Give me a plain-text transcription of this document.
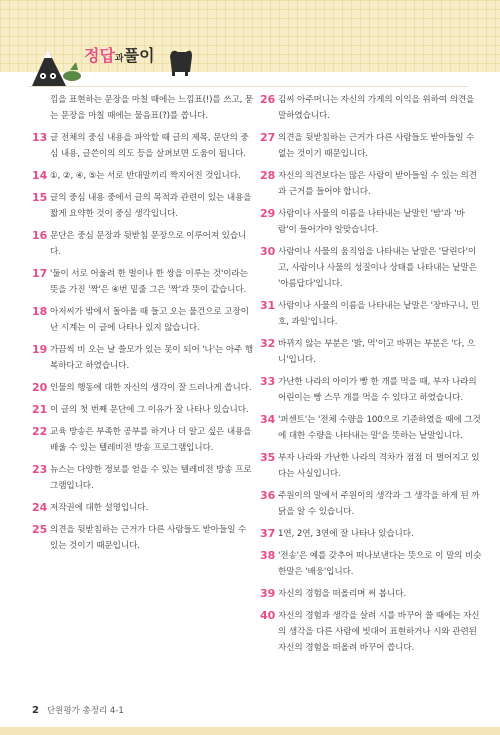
정답과풀이
낌을 표현하는 문장을 마칠 때에는 느낌표(!)를 쓰고, 묻는 문장을 마칠 때에는 물음표(?)를 씁니다.
13 글 전체의 중심 내용을 파악할 때 글의 제목, 문단의 중심 내용, 글쓴이의 의도 등을 살펴보면 도움이 됩니다.
14 ①, ②, ④, ⑤는 서로 반대말끼리 짝지어진 것입니다.
15 글의 중심 내용 중에서 글의 목적과 관련이 있는 내용을 짧게 요약한 것이 중심 생각입니다.
16 문단은 중심 문장과 뒷받침 문장으로 이루어져 있습니다.
17 '둘이 서로 어울려 한 벌이나 한 쌍을 이루는 것'이라는 뜻을 가진 '짝'은 ④번 밑줄 그은 '짝'과 뜻이 같습니다.
18 아저씨가 밖에서 돌아올 때 들고 오는 물건으로 고장이 난 시계는 이 글에 나타나 있지 않습니다.
19 가끔씩 비 오는 날 쓸모가 있는 못이 되어 '나'는 아주 행복하다고 하였습니다.
20 인물의 행동에 대한 자신의 생각이 잘 드러나게 씁니다.
21 이 글의 첫 번째 문단에 그 이유가 잘 나타나 있습니다.
22 교육 방송은 부족한 공부를 하거나 더 알고 싶은 내용을 배울 수 있는 텔레비전 방송 프로그램입니다.
23 뉴스는 다양한 정보를 얻을 수 있는 텔레비전 방송 프로그램입니다.
24 저작권에 대한 설명입니다.
25 의견을 뒷받침하는 근거가 다른 사람들도 받아들일 수 있는 것이기 때문입니다.
26 김씨 아주머니는 자신의 가게의 이익을 위하여 의견을 말하였습니다.
27 의견을 뒷받침하는 근거가 다른 사람들도 받아들일 수 없는 것이기 때문입니다.
28 자신의 의견보다는 많은 사람이 받아들일 수 있는 의견과 근거를 들어야 합니다.
29 사람이나 사물의 이름을 나타내는 낱말인 '밤'과 '바람'이 들어가야 알맞습니다.
30 사람이나 사물의 움직임을 나타내는 낱말은 '달린다'이고, 사람이나 사물의 성질이나 상태를 나타내는 낱말은 '아름답다'입니다.
31 사람이나 사물의 이름을 나타내는 낱말은 '장바구니, 민호, 과일'입니다.
32 바뀌지 않는 부분은 '밝, 먹'이고 바뀌는 부분은 '다, 으니'입니다.
33 가난한 나라의 아이가 빵 한 개를 먹을 때, 부자 나라의 어린이는 빵 스무 개를 먹을 수 있다고 하였습니다.
34 '퍼센트'는 '전체 수량을 100으로 기준하였을 때에 그것에 대한 수량을 나타내는 말'을 뜻하는 낱말입니다.
35 부자 나라와 가난한 나라의 격차가 점점 더 벌어지고 있다는 사실입니다.
36 주원이의 말에서 주원이의 생각과 그 생각을 하게 된 까닭을 알 수 있습니다.
37 1연, 2연, 3연에 잘 나타나 있습니다.
38 '전송'은 예를 갖추어 떠나보낸다는 뜻으로 이 말의 비슷한말은 '배웅'입니다.
39 자신의 경험을 떠올리며 써 봅니다.
40 자신의 경험과 생각을 살려 시를 바꾸어 쓸 때에는 자신의 생각을 다른 사람에 빗대어 표현하거나 시와 관련된 자신의 경험을 떠올려 바꾸어 씁니다.
2 단원평가 총정리 4-1
